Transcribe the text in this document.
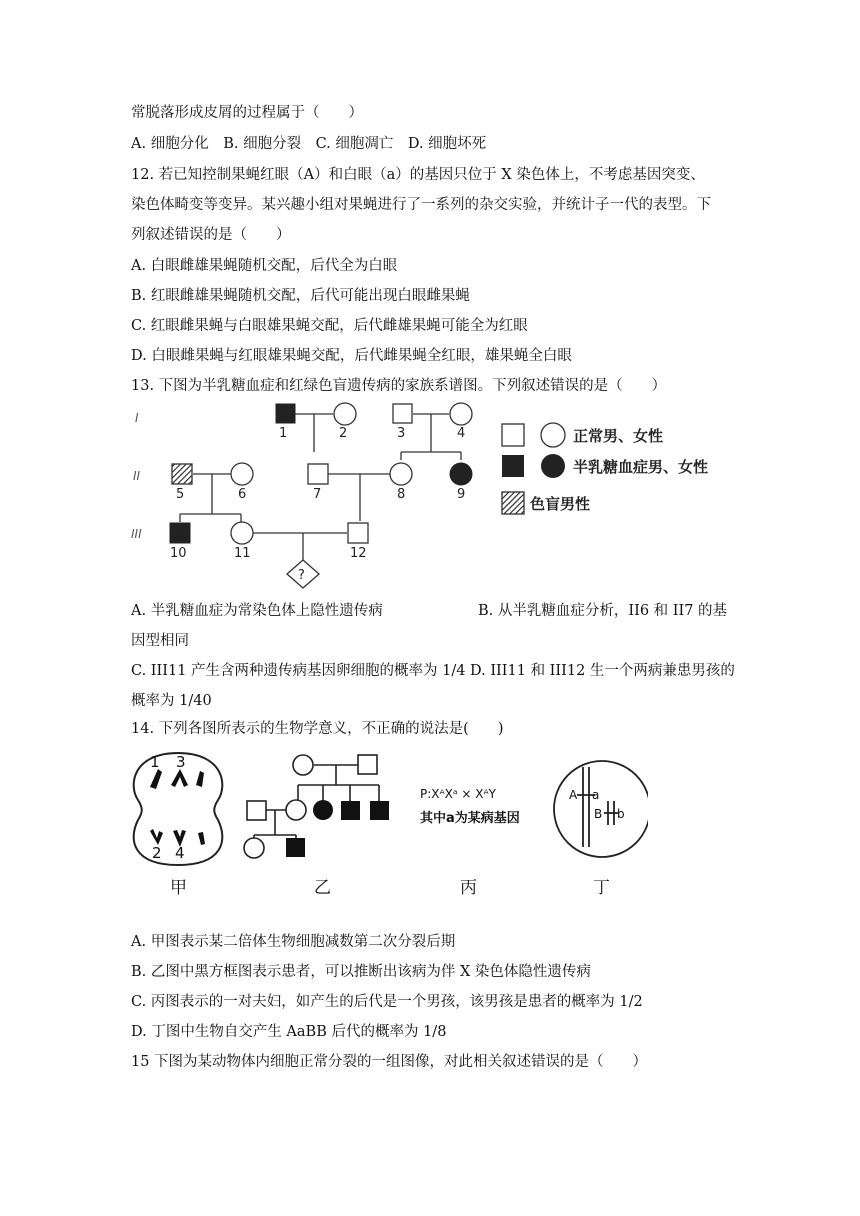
常脱落形成皮屑的过程属于（　　）
A. 细胞分化　B. 细胞分裂　C. 细胞凋亡　D. 细胞坏死
12. 若已知控制果蝇红眼（A）和白眼（a）的基因只位于 X 染色体上，不考虑基因突变、
染色体畸变等变异。某兴趣小组对果蝇进行了一系列的杂交实验，并统计子一代的表型。下
列叙述错误的是（　　）
A. 白眼雌雄果蝇随机交配，后代全为白眼
B. 红眼雌雄果蝇随机交配，后代可能出现白眼雌果蝇
C. 红眼雌果蝇与白眼雄果蝇交配，后代雌雄果蝇可能全为红眼
D. 白眼雌果蝇与红眼雄果蝇交配，后代雌果蝇全红眼，雄果蝇全白眼
13. 下图为半乳糖血症和红绿色盲遗传病的家族系谱图。下列叙述错误的是（　　）
I
II
III
1	2	3	4
5	6	7	8	9
10	11	12
?
正常男、女性
半乳糖血症男、女性
色盲男性
A. 半乳糖血症为常染色体上隐性遗传病	B. 从半乳糖血症分析，II6 和 II7 的基
因型相同
C. III11 产生含两种遗传病基因卵细胞的概率为 1/4 D. III11 和 III12 生一个两病兼患男孩的
概率为 1/40
14. 下列各图所表示的生物学意义，不正确的说法是(　　)
1 3
2 4
P:XᴬXᵃ × XᴬY
其中a为某病基因
A a
B b
甲	乙	丙	丁
A. 甲图表示某二倍体生物细胞减数第二次分裂后期
B. 乙图中黑方框图表示患者，可以推断出该病为伴 X 染色体隐性遗传病
C. 丙图表示的一对夫妇，如产生的后代是一个男孩，该男孩是患者的概率为 1/2
D. 丁图中生物自交产生 AaBB 后代的概率为 1/8
15 下图为某动物体内细胞正常分裂的一组图像，对此相关叙述错误的是（　　）
